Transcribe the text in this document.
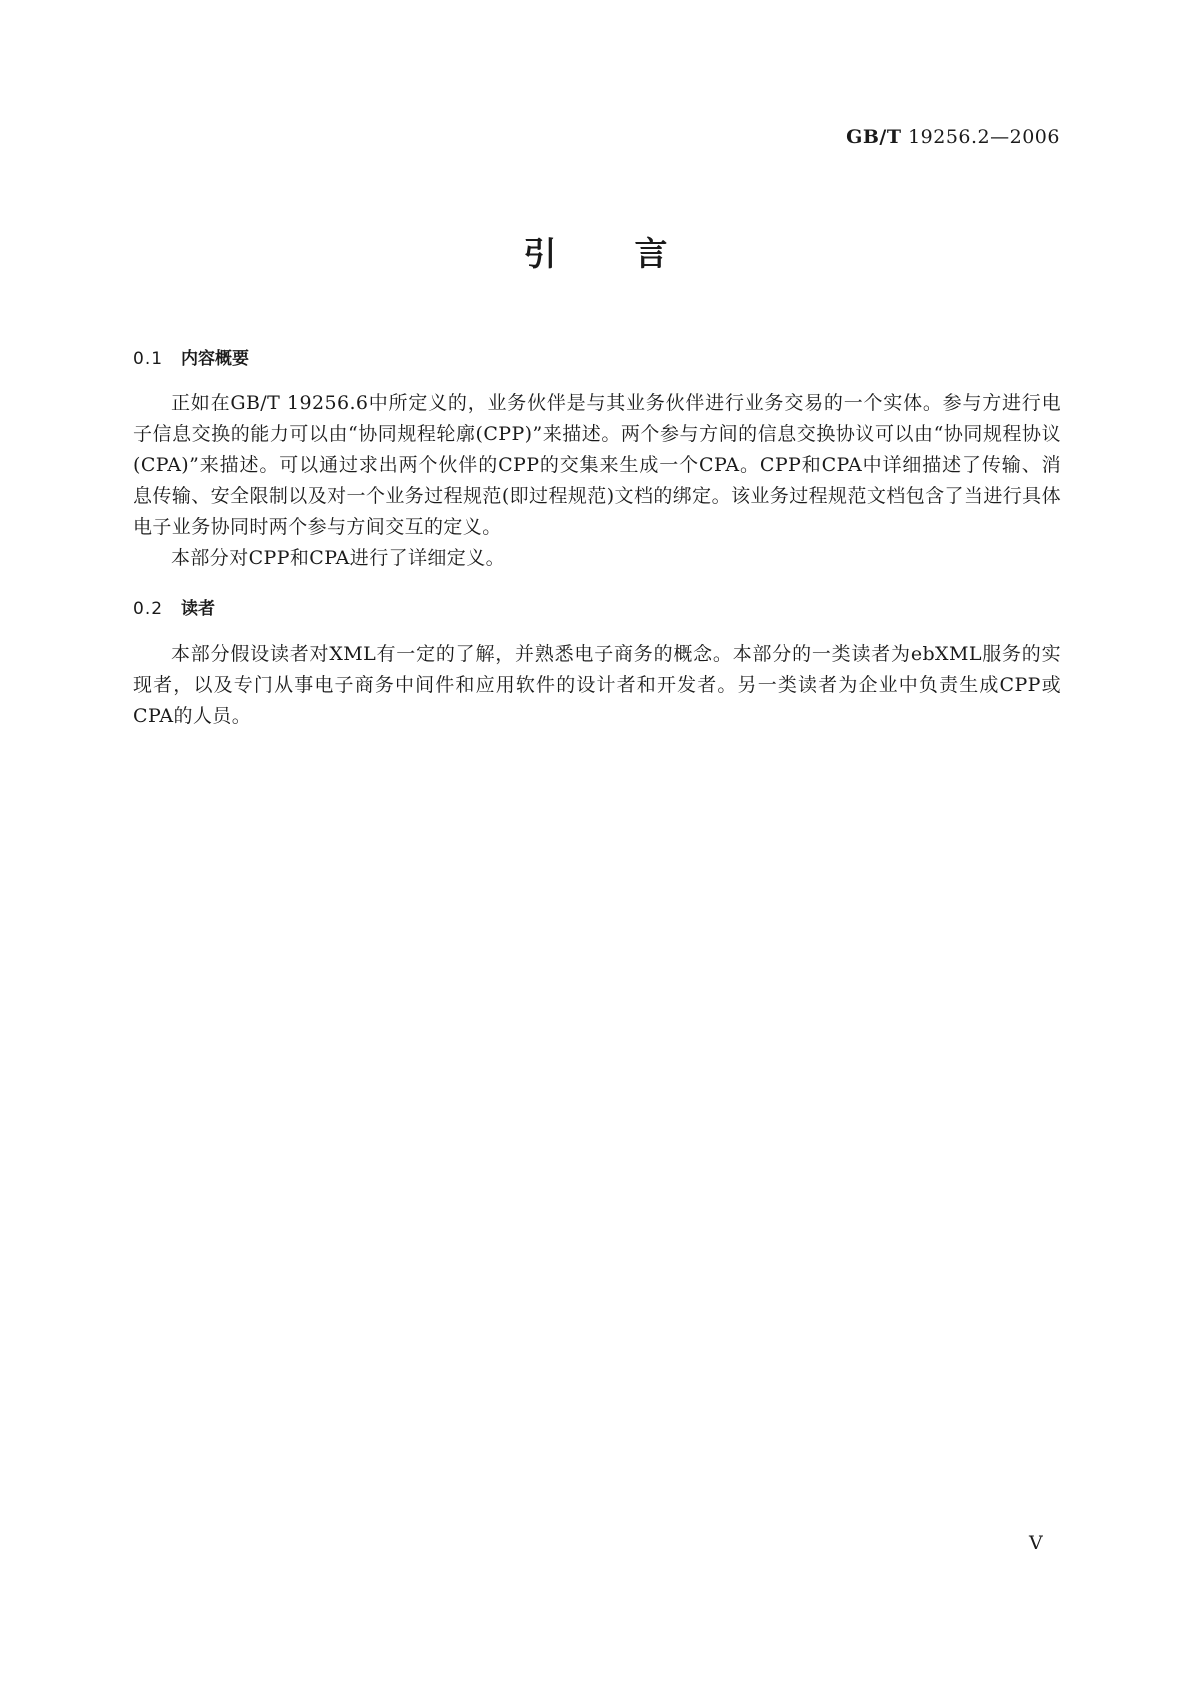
GB/T 19256.2—2006
引言
0.1 内容概要

正如在GB/T 19256.6中所定义的，业务伙伴是与其业务伙伴进行业务交易的一个实体。参与方进行电子信息交换的能力可以由“协同规程轮廓(CPP)”来描述。两个参与方间的信息交换协议可以由“协同规程协议(CPA)”来描述。可以通过求出两个伙伴的CPP的交集来生成一个CPA。CPP和CPA中详细描述了传输、消息传输、安全限制以及对一个业务过程规范(即过程规范)文档的绑定。该业务过程规范文档包含了当进行具体电子业务协同时两个参与方间交互的定义。

本部分对CPP和CPA进行了详细定义。

0.2 读者

本部分假设读者对XML有一定的了解，并熟悉电子商务的概念。本部分的一类读者为ebXML服务的实现者，以及专门从事电子商务中间件和应用软件的设计者和开发者。另一类读者为企业中负责生成CPP或CPA的人员。

V
